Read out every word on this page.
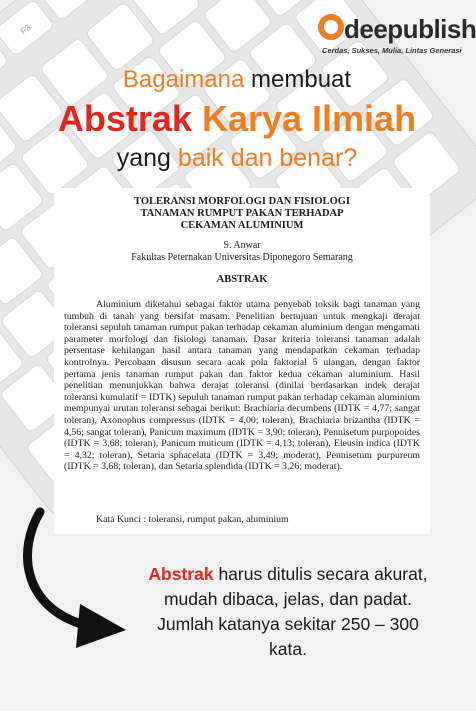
F3	deepublish
Cerdas, Sukses, Mulia, Lintas Generasi
Bagaimana membuat
Abstrak Karya Ilmiah
yang baik dan benar?
TOLERANSI MORFOLOGI DAN FISIOLOGI
TANAMAN RUMPUT PAKAN TERHADAP
CEKAMAN ALUMINIUM
S. Anwar
Fakultas Peternakan Universitas Diponegoro Semarang
ABSTRAK

Aluminium diketahui sebagai faktor utama penyebab toksik bagi tanaman yang tumbuh di tanah yang bersifat masam. Penelitian bertujuan untuk mengkaji derajat toleransi sepuluh tanaman rumput pakan terhadap cekaman aluminium dengan mengamati parameter morfologi dan fisiologi tanaman. Dasar kriteria toleransi tanaman adalah persentase kehilangan hasil antara tanaman yang mendapatkan cekaman terhadap kontrolnya. Percobaan disusun secara acak pola faktorial 5 ulangan, dengan faktor pertama jenis tanaman rumput pakan dan faktor kedua cekaman aluminium. Hasil penelitian menunjukkan bahwa derajat toleransi (dinilai berdasarkan indek derajat toleransi kumulatif = IDTK) sepuluh tanaman rumput pakan terhadap cekaman aluminium mempunyai urutan toleransi sebagai berikut: Brachiaria decumbens (IDTK = 4,77; sangat toleran), Axonophus compressus (IDTK = 4,00; toleran), Brachiaria brizantha (IDTK = 4,56; sangat toleran), Panicum maximum (IDTK = 3,90; toleran), Pennisetum purpopoides (IDTK = 3,68; toleran), Panicum muticum (IDTK = 4,13; toleran), Eleusin indica (IDTK = 4,32; toleran), Setaria sphacelata (IDTK = 3,49; moderat), Pennisetum purpureum (IDTK = 3,68; toleran), dan Setaria splendida (IDTK = 3,26; moderat).

Kata Kunci : toleransi, rumput pakan, aluminium
Abstrak harus ditulis secara akurat, mudah dibaca, jelas, dan padat. Jumlah katanya sekitar 250 – 300 kata.
